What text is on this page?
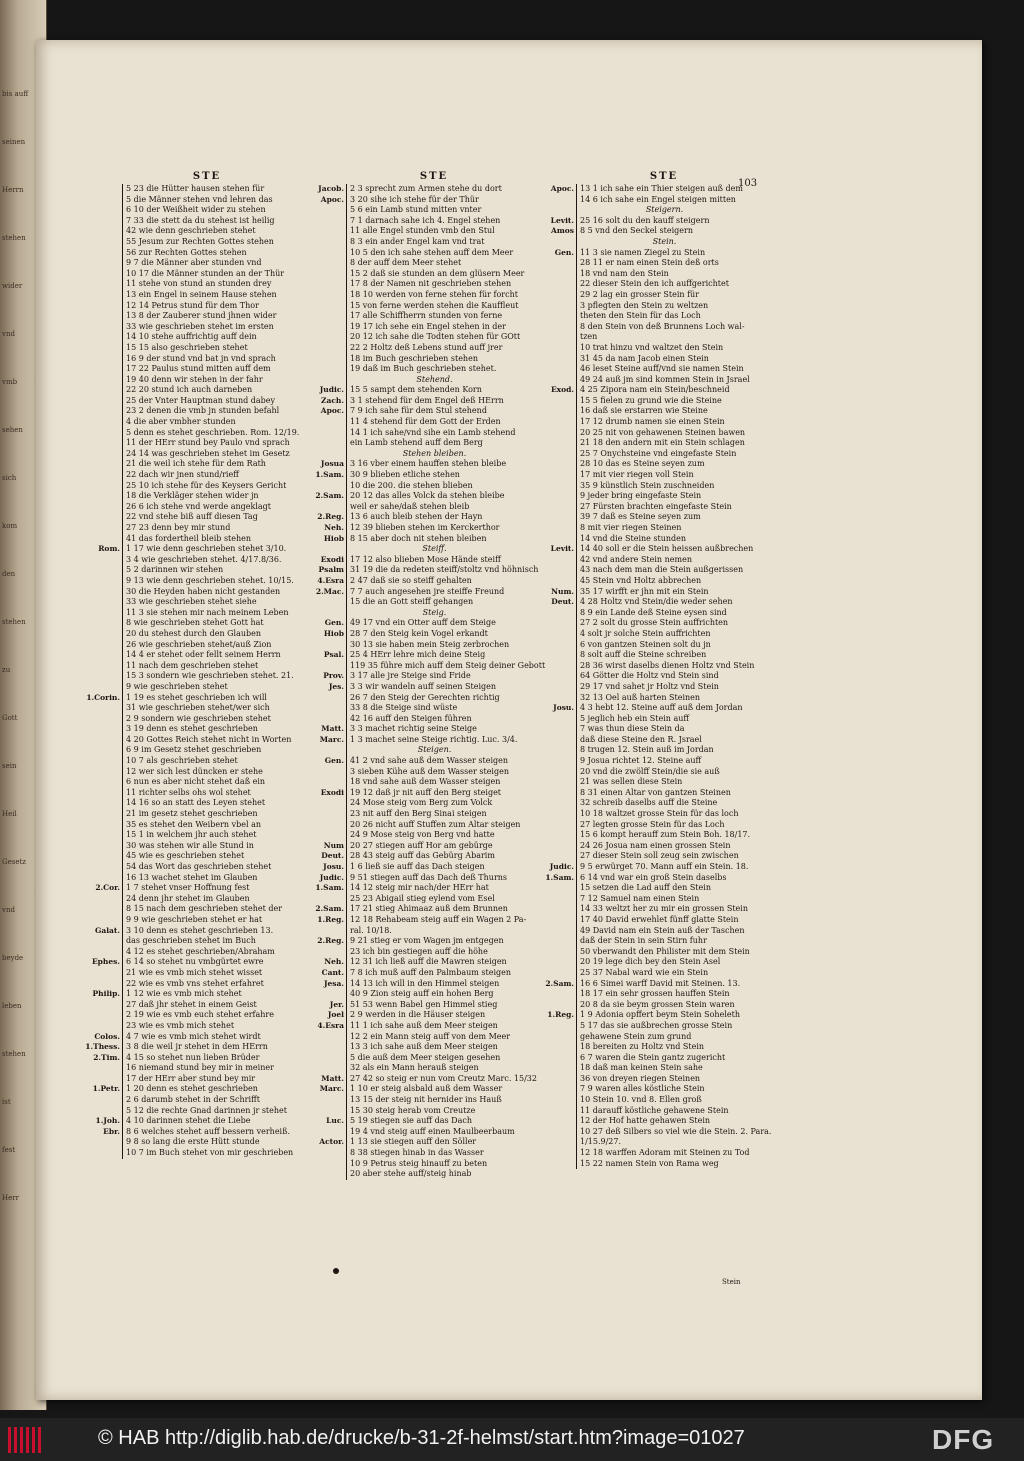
bis auff
seinen
Herrn
stehen
wider
vnd
vmb
sehen
sich
kom
den
stehen
zu
Gott
sein
Heil
Gesetz
vnd
beyde
leben
stehen
ist
fest
Herr
103
STE
5 23 die Hütter hausen stehen für
5 die Männer stehen vnd lehren das
6 10 der Weißheit wider zu stehen
7 33 die stett da du stehest ist heilig
42 wie denn geschrieben stehet
55 Jesum zur Rechten Gottes stehen
56 zur Rechten Gottes stehen
9 7 die Männer aber stunden vnd
10 17 die Männer stunden an der Thür
11 stehe von stund an stunden drey
13 ein Engel in seinem Hause stehen
12 14 Petrus stund für dem Thor
13 8 der Zauberer stund jhnen wider
33 wie geschrieben stehet im ersten
14 10 stehe auffrichtig auff dein
15 15 also geschrieben stehet
16 9 der stund vnd bat jn vnd sprach
17 22 Paulus stund mitten auff dem
19 40 denn wir stehen in der fahr
22 20 stund ich auch darneben
25 der Vnter Hauptman stund dabey
23 2 denen die vmb jn stunden befahl
4 die aber vmbher stunden
5 denn es stehet geschrieben. Rom. 12/19.
11 der HErr stund bey Paulo vnd sprach
24 14 was geschrieben stehet im Gesetz
21 die weil ich stehe für dem Rath
22 dach wir jnen stund/rieff
25 10 ich stehe für des Keysers Gericht
18 die Verkläger stehen wider jn
26 6 ich stehe vnd werde angeklagt
22 vnd stehe biß auff diesen Tag
27 23 denn bey mir stund
41 das fordertheil bleib stehen
Rom. 1 17 wie denn geschrieben stehet 3/10.
3 4 wie geschrieben stehet. 4/17.8/36.
5 2 darinnen wir stehen
9 13 wie denn geschrieben stehet. 10/15.
30 die Heyden haben nicht gestanden
33 wie geschrieben stehet siehe
11 3 sie stehen mir nach meinem Leben
8 wie geschrieben stehet Gott hat
20 du stehest durch den Glauben
26 wie geschrieben stehet/auß Zion
14 4 er stehet oder fellt seinem Herrn
11 nach dem geschrieben stehet
15 3 sondern wie geschrieben stehet. 21.
9 wie geschrieben stehet
1.Corin. 1 19 es stehet geschrieben ich will
31 wie geschrieben stehet/wer sich
2 9 sondern wie geschrieben stehet
3 19 denn es stehet geschrieben
4 20 Gottes Reich stehet nicht in Worten
6 9 im Gesetz stehet geschrieben
10 7 als geschrieben stehet
12 wer sich lest düncken er stehe
6 nun es aber nicht stehet daß ein
11 richter selbs ohs wol stehet
14 16 so an statt des Leyen stehet
21 im gesetz stehet geschrieben
35 es stehet den Weibern vbel an
15 1 in welchem jhr auch stehet
30 was stehen wir alle Stund in
45 wie es geschrieben stehet
54 das Wort das geschrieben stehet
16 13 wachet stehet im Glauben
2.Cor. 1 7 stehet vnser Hoffnung fest
24 denn jhr stehet im Glauben
8 15 nach dem geschrieben stehet der
9 9 wie geschrieben stehet er hat
Galat. 3 10 denn es stehet geschrieben 13.
das geschrieben stehet im Buch
4 12 es stehet geschrieben/Abraham
Ephes. 6 14 so stehet nu vmbgürtet ewre
21 wie es vmb mich stehet wisset
22 wie es vmb vns stehet erfahret
Philip. 1 12 wie es vmb mich stehet
27 daß jhr stehet in einem Geist
2 19 wie es vmb euch stehet erfahre
23 wie es vmb mich stehet
Colos. 4 7 wie es vmb mich stehet wirdt
1.Thess. 3 8 die weil jr stehet in dem HErrn
2.Tim. 4 15 so stehet nun lieben Brüder
16 niemand stund bey mir in meiner
17 der HErr aber stund bey mir
1.Petr. 1 20 denn es stehet geschrieben
2 6 darumb stehet in der Schrifft
5 12 die rechte Gnad darinnen jr stehet
1.Joh. 4 10 darinnen stehet die Liebe
Ebr. 8 6 welches stehet auff bessern verheiß.
9 8 so lang die erste Hütt stunde
10 7 im Buch stehet von mir geschrieben
STE
Jacob. 2 3 sprecht zum Armen stehe du dort
Apoc. 3 20 sihe ich stehe für der Thür
5 6 ein Lamb stund mitten vnter
7 1 darnach sahe ich 4. Engel stehen
11 alle Engel stunden vmb den Stul
8 3 ein ander Engel kam vnd trat
10 5 den ich sahe stehen auff dem Meer
8 der auff dem Meer stehet
15 2 daß sie stunden an dem glüsern Meer
17 8 der Namen nit geschrieben stehen
18 10 werden von ferne stehen für forcht
15 von ferne werden stehen die Kauffleut
17 alle Schiffherrn stunden von ferne
19 17 ich sehe ein Engel stehen in der
20 12 ich sahe die Todten stehen für GOtt
22 2 Holtz deß Lebens stund auff jrer
18 im Buch geschrieben stehen
19 daß im Buch geschrieben stehet.
Stehend.
Judic. 15 5 sampt dem stehenden Korn
Zach. 3 1 stehend für dem Engel deß HErrn
Apoc. 7 9 ich sahe für dem Stul stehend
11 4 stehend für dem Gott der Erden
14 1 ich sahe/vnd sihe ein Lamb stehend
ein Lamb stehend auff dem Berg
Stehen bleiben.
Josua 3 16 vber einem hauffen stehen bleibe
1.Sam. 30 9 blieben etliche stehen
10 die 200. die stehen blieben
2.Sam. 20 12 das alles Volck da stehen bleibe
weil er sahe/daß stehen bleib
2.Reg. 13 6 auch bleib stehen der Hayn
Neh. 12 39 blieben stehen im Kerckerthor
Hiob 8 15 aber doch nit stehen bleiben
Steiff.
Exodi 17 12 also blieben Mose Hände steiff
Psalm 31 19 die da redeten steiff/stoltz vnd höhnisch
4.Esra 2 47 daß sie so steiff gehalten
2.Mac. 7 7 auch angesehen jre steiffe Freund
15 die an Gott steiff gehangen
Steig.
Gen. 49 17 vnd ein Otter auff dem Steige
Hiob 28 7 den Steig kein Vogel erkandt
30 13 sie haben mein Steig zerbrochen
Psal. 25 4 HErr lehre mich deine Steig
119 35 führe mich auff dem Steig deiner Gebott
Prov. 3 17 alle jre Steige sind Fride
Jes. 3 3 wir wandeln auff seinen Steigen
26 7 den Steig der Gerechten richtig
33 8 die Steige sind wüste
42 16 auff den Steigen führen
Matt. 3 3 machet richtig seine Steige
Marc. 1 3 machet seine Steige richtig. Luc. 3/4.
Steigen.
Gen. 41 2 vnd sahe auß dem Wasser steigen
3 sieben Kühe auß dem Wasser steigen
18 vnd sahe auß dem Wasser steigen
Exodi 19 12 daß jr nit auff den Berg steiget
24 Mose steig vom Berg zum Volck
23 nit auff den Berg Sinai steigen
20 26 nicht auff Stuffen zum Altar steigen
24 9 Mose steig von Berg vnd hatte
Num 20 27 stiegen auff Hor am gebürge
Deut. 28 43 steig auff das Gebürg Abarim
Josu. 1 6 ließ sie auff das Dach steigen
Judic. 9 51 stiegen auff das Dach deß Thurns
1.Sam. 14 12 steig mir nach/der HErr hat
25 23 Abigail stieg eylend vom Esel
2.Sam. 17 21 stieg Ahimaaz auß dem Brunnen
1.Reg. 12 18 Rehabeam steig auff ein Wagen 2 Pa-
ral. 10/18.
2.Reg. 9 21 stieg er vom Wagen jm entgegen
23 ich bin gestiegen auff die höhe
Neh. 12 31 ich ließ auff die Mawren steigen
Cant. 7 8 ich muß auff den Palmbaum steigen
Jesa. 14 13 ich will in den Himmel steigen
40 9 Zion steig auff ein hohen Berg
Jer. 51 53 wenn Babel gen Himmel stieg
Joel 2 9 werden in die Häuser steigen
4.Esra 11 1 ich sahe auß dem Meer steigen
12 2 ein Mann steig auff von dem Meer
13 3 ich sahe auß dem Meer steigen
5 die auß dem Meer steigen gesehen
32 als ein Mann herauß steigen
Matt. 27 42 so steig er nun vom Creutz Marc. 15/32
Marc. 1 10 er steig alsbald auß dem Wasser
13 15 der steig nit hernider ins Hauß
15 30 steig herab vom Creutze
Luc. 5 19 stiegen sie auff das Dach
19 4 vnd steig auff einen Maulbeerbaum
Actor. 1 13 sie stiegen auff den Söller
8 38 stiegen hinab in das Wasser
10 9 Petrus steig hinauff zu beten
20 aber stehe auff/steig hinab
STE
Apoc. 13 1 ich sahe ein Thier steigen auß dem
14 6 ich sahe ein Engel steigen mitten
Steigern.
Levit. 25 16 solt du den kauff steigern
Amos 8 5 vnd den Seckel steigern
Stein.
Gen. 11 3 sie namen Ziegel zu Stein
28 11 er nam einen Stein deß orts
18 vnd nam den Stein
22 dieser Stein den ich auffgerichtet
29 2 lag ein grosser Stein für
3 pflegten den Stein zu weltzen
theten den Stein für das Loch
8 den Stein von deß Brunnens Loch wal-
tzen
10 trat hinzu vnd waltzet den Stein
31 45 da nam Jacob einen Stein
46 leset Steine auff/vnd sie namen Stein
49 24 auß jm sind kommen Stein in Jsrael
Exod. 4 25 Zipora nam ein Stein/beschneid
15 5 fielen zu grund wie die Steine
16 daß sie erstarren wie Steine
17 12 drumb namen sie einen Stein
20 25 nit von gehawenen Steinen bawen
21 18 den andern mit ein Stein schlagen
25 7 Onychsteine vnd eingefaste Stein
28 10 das es Steine seyen zum
17 mit vier riegen voll Stein
35 9 künstlich Stein zuschneiden
9 jeder bring eingefaste Stein
27 Fürsten brachten eingefaste Stein
39 7 daß es Steine seyen zum
8 mit vier riegen Steinen
14 vnd die Steine stunden
Levit. 14 40 soll er die Stein heissen außbrechen
42 vnd andere Stein nemen
43 nach dem man die Stein außgerissen
45 Stein vnd Holtz abbrechen
Num. 35 17 wirfft er jhn mit ein Stein
Deut. 4 28 Holtz vnd Stein/die weder sehen
8 9 ein Lande deß Steine eysen sind
27 2 solt du grosse Stein auffrichten
4 solt jr solche Stein auffrichten
6 von gantzen Steinen solt du jn
8 solt auff die Steine schreiben
28 36 wirst daselbs dienen Holtz vnd Stein
64 Götter die Holtz vnd Stein sind
29 17 vnd sahet jr Holtz vnd Stein
32 13 Oel auß harten Steinen
Josu. 4 3 hebt 12. Steine auff auß dem Jordan
5 jeglich heb ein Stein auff
7 was thun diese Stein da
daß diese Steine den R. Jsrael
8 trugen 12. Stein auß im Jordan
9 Josua richtet 12. Steine auff
20 vnd die zwölff Stein/die sie auß
21 was sellen diese Stein
8 31 einen Altar von gantzen Steinen
32 schreib daselbs auff die Steine
10 18 waltzet grosse Stein für das loch
27 legten grosse Stein für das Loch
15 6 kompt herauff zum Stein Boh. 18/17.
24 26 Josua nam einen grossen Stein
27 dieser Stein soll zeug sein zwischen
Judic. 9 5 erwürget 70. Mann auff ein Stein. 18.
1.Sam. 6 14 vnd war ein groß Stein daselbs
15 setzen die Lad auff den Stein
7 12 Samuel nam einen Stein
14 33 weltzt her zu mir ein grossen Stein
17 40 David erwehlet fünff glatte Stein
49 David nam ein Stein auß der Taschen
daß der Stein in sein Stirn fuhr
50 vberwandt den Philister mit dem Stein
20 19 lege dich bey den Stein Asel
25 37 Nabal ward wie ein Stein
2.Sam. 16 6 Simei warff David mit Steinen. 13.
18 17 ein sehr grossen hauffen Stein
20 8 da sie beym grossen Stein waren
1.Reg. 1 9 Adonia opffert beym Stein Soheleth
5 17 das sie außbrechen grosse Stein
gehawene Stein zum grund
18 bereiten zu Holtz vnd Stein
6 7 waren die Stein gantz zugericht
18 daß man keinen Stein sahe
36 von dreyen riegen Steinen
7 9 waren alles köstliche Stein
10 Stein 10. vnd 8. Ellen groß
11 darauff köstliche gehawene Stein
12 der Hof hatte gehawen Stein
10 27 deß Silbers so viel wie die Stein. 2. Para.
1/15.9/27.
12 18 warffen Adoram mit Steinen zu Tod
15 22 namen Stein von Rama weg
Stein
© HAB http://diglib.hab.de/drucke/b-31-2f-helmst/start.htm?image=01027	DFG
